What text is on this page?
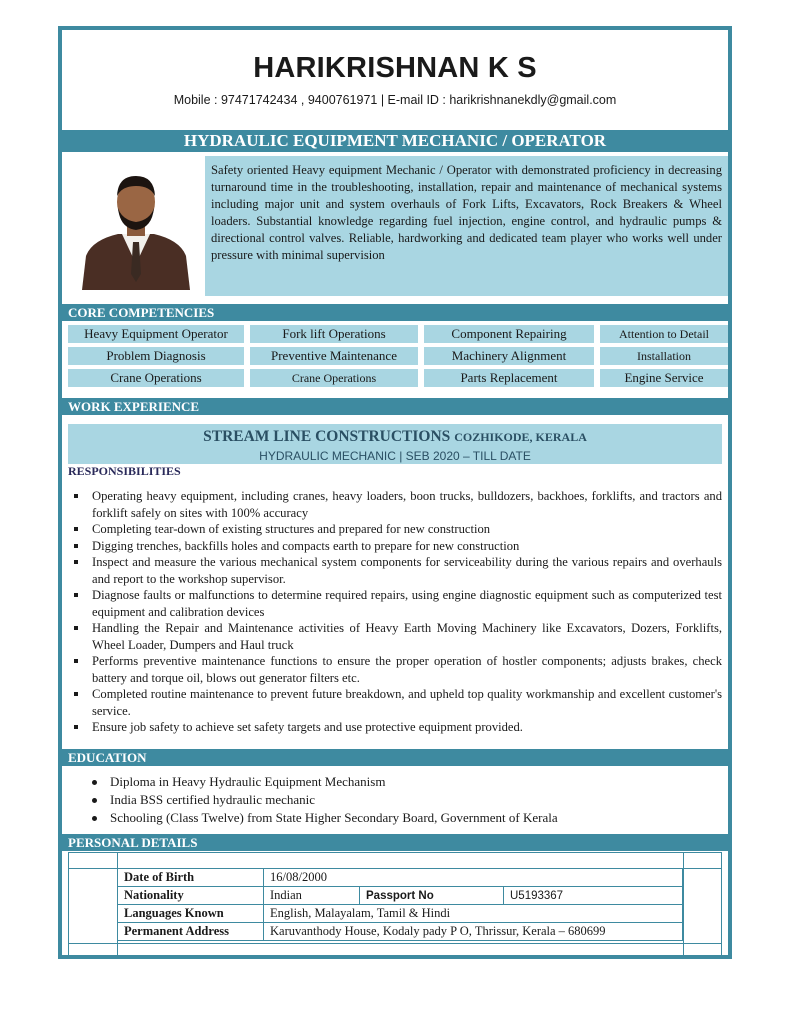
HARIKRISHNAN K S
Mobile : 97471742434 , 9400761971 | E-mail ID : harikrishnanekdly@gmail.com
HYDRAULIC EQUIPMENT MECHANIC / OPERATOR

Safety oriented Heavy equipment Mechanic / Operator with demonstrated proficiency in decreasing turnaround time in the troubleshooting, installation, repair and maintenance of mechanical systems including major unit and system overhauls of Fork Lifts, Excavators, Rock Breakers & Wheel loaders. Substantial knowledge regarding fuel injection, engine control, and hydraulic pumps & directional control valves. Reliable, hardworking and dedicated team player who works well under pressure with minimal supervision

CORE COMPETENCIES
Heavy Equipment Operator	Fork lift Operations	Component Repairing	Attention to Detail
Problem Diagnosis	Preventive Maintenance	Machinery Alignment	Installation
Crane Operations	Crane Operations	Parts Replacement	Engine Service
WORK EXPERIENCE
STREAM LINE CONSTRUCTIONS COZHIKODE, KERALA
HYDRAULIC MECHANIC | SEB 2020 – TILL DATE
RESPONSIBILITIES
Operating heavy equipment, including cranes, heavy loaders, boon trucks, bulldozers, backhoes, forklifts, and tractors and forklift safely on sites with 100% accuracy
Completing tear-down of existing structures and prepared for new construction
Digging trenches, backfills holes and compacts earth to prepare for new construction
Inspect and measure the various mechanical system components for serviceability during the various repairs and overhauls and report to the workshop supervisor.
Diagnose faults or malfunctions to determine required repairs, using engine diagnostic equipment such as computerized test equipment and calibration devices
Handling the Repair and Maintenance activities of Heavy Earth Moving Machinery like Excavators, Dozers, Forklifts, Wheel Loader, Dumpers and Haul truck
Performs preventive maintenance functions to ensure the proper operation of hostler components; adjusts brakes, check battery and torque oil, blows out generator filters etc.
Completed routine maintenance to prevent future breakdown, and upheld top quality workmanship and excellent customer's service.
Ensure job safety to achieve set safety targets and use protective equipment provided.
EDUCATION
Diploma in Heavy Hydraulic Equipment Mechanism
India BSS certified hydraulic mechanic
Schooling (Class Twelve) from State Higher Secondary Board, Government of Kerala
PERSONAL DETAILS
Date of Birth	16/08/2000		
Nationality	Indian	Passport No	U5193367
Languages Known	English, Malayalam, Tamil & Hindi		
Permanent Address	Karuvanthody House, Kodaly pady P O, Thrissur, Kerala – 680699		
